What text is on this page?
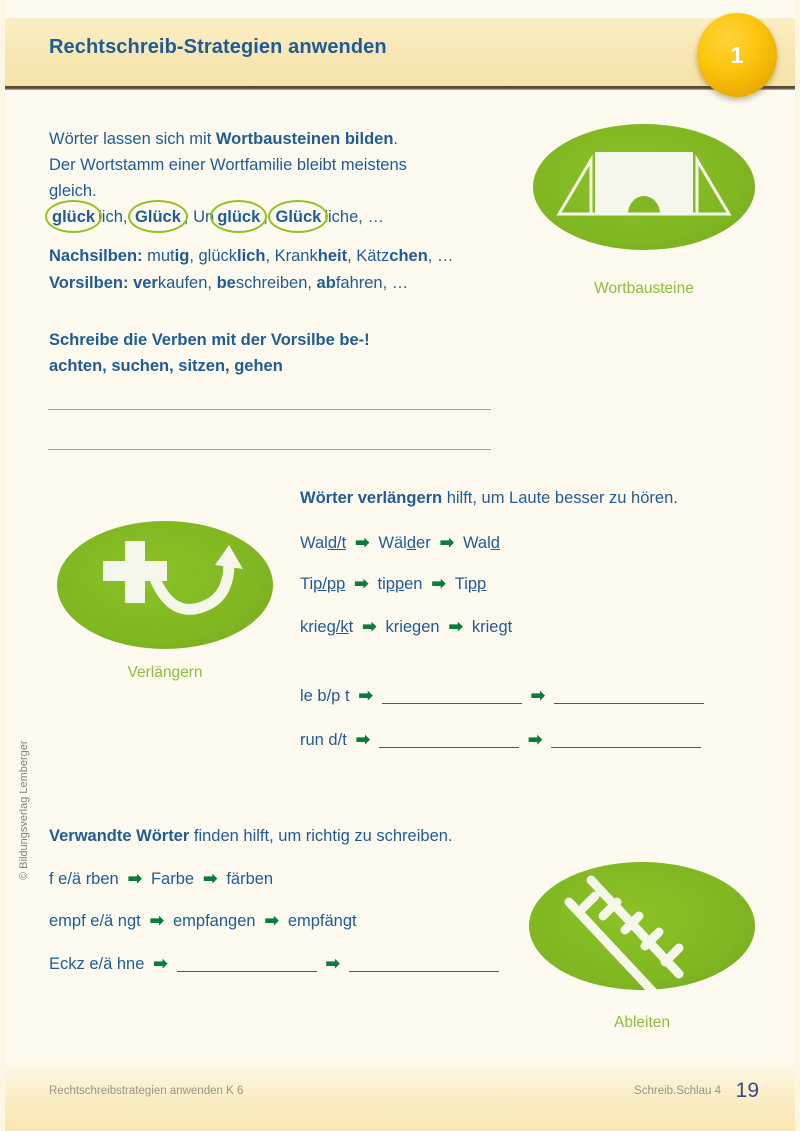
Rechtschreib-Strategien anwenden	1
Wörter lassen sich mit Wortbausteinen bilden.
Der Wortstamm einer Wortfamilie bleibt meistens
gleich.
glück lich, Glück , Un glück , Glück liche, …
Nachsilben: mutig, glücklich, Krankheit, Kätzchen, …
Vorsilben: verkaufen, beschreiben, abfahren, …
Schreibe die Verben mit der Vorsilbe be-!
achten, suchen, sitzen, gehen
Wortbausteine
Verlängern
Ableiten
Wörter verlängern hilft, um Laute besser zu hören.
Wal d/t ➡ Wäl d er ➡ Wal d
Ti p/pp ➡ ti pp en ➡ Ti pp
krie g/k t ➡ krie g en ➡ krie g t
le b/p t ➡	➡
run d/t ➡	➡
Verwandte Wörter finden hilft, um richtig zu schreiben.
f e/ä rben ➡ Farbe ➡ färben
empf e/ä ngt ➡ empfangen ➡ empfängt
Eckz e/ä hne ➡	➡
© Bildungsverlag Lemberger
Rechtschreibstrategien anwenden K 6	Schreib.Schlau 4 19
